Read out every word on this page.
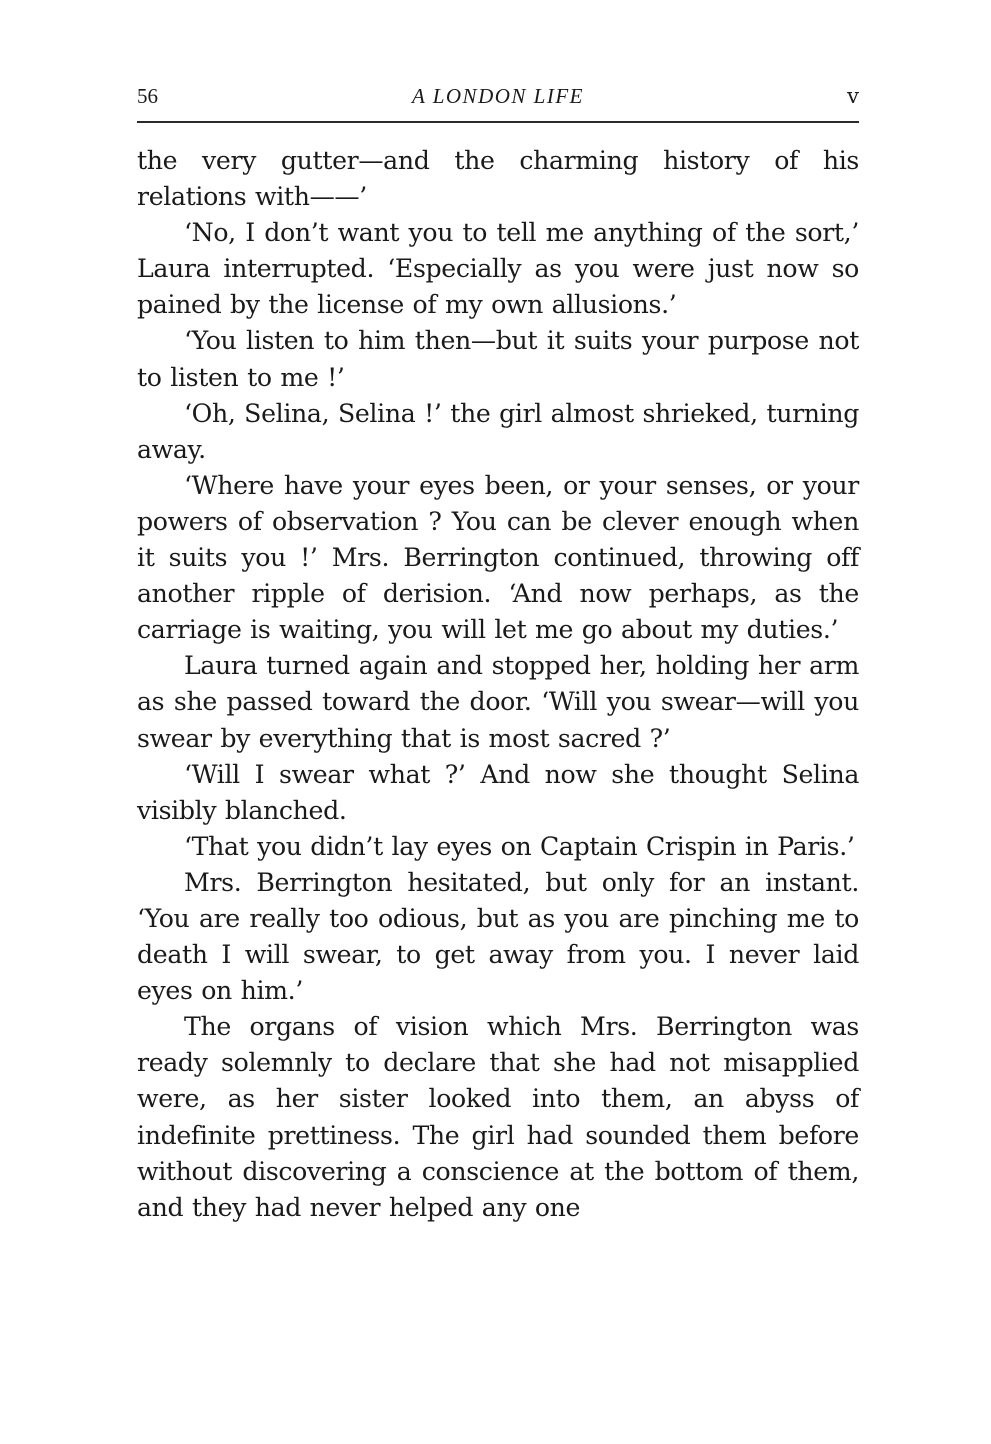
56	A LONDON LIFE	v

the very gutter—and the charming history of his relations with——’

‘No, I don’t want you to tell me anything of the sort,’ Laura interrupted. ‘Especially as you were just now so pained by the license of my own allusions.’

‘You listen to him then—but it suits your purpose not to listen to me !’

‘Oh, Selina, Selina !’ the girl almost shrieked, turning away.

‘Where have your eyes been, or your senses, or your powers of observation ? You can be clever enough when it suits you !’ Mrs. Berrington continued, throwing off another ripple of derision. ‘And now perhaps, as the carriage is waiting, you will let me go about my duties.’

Laura turned again and stopped her, holding her arm as she passed toward the door. ‘Will you swear—will you swear by everything that is most sacred ?’

‘Will I swear what ?’ And now she thought Selina visibly blanched.

‘That you didn’t lay eyes on Captain Crispin in Paris.’

Mrs. Berrington hesitated, but only for an instant. ‘You are really too odious, but as you are pinching me to death I will swear, to get away from you. I never laid eyes on him.’

The organs of vision which Mrs. Berrington was ready solemnly to declare that she had not misapplied were, as her sister looked into them, an abyss of indefinite prettiness. The girl had sounded them before without discovering a conscience at the bottom of them, and they had never helped any one
